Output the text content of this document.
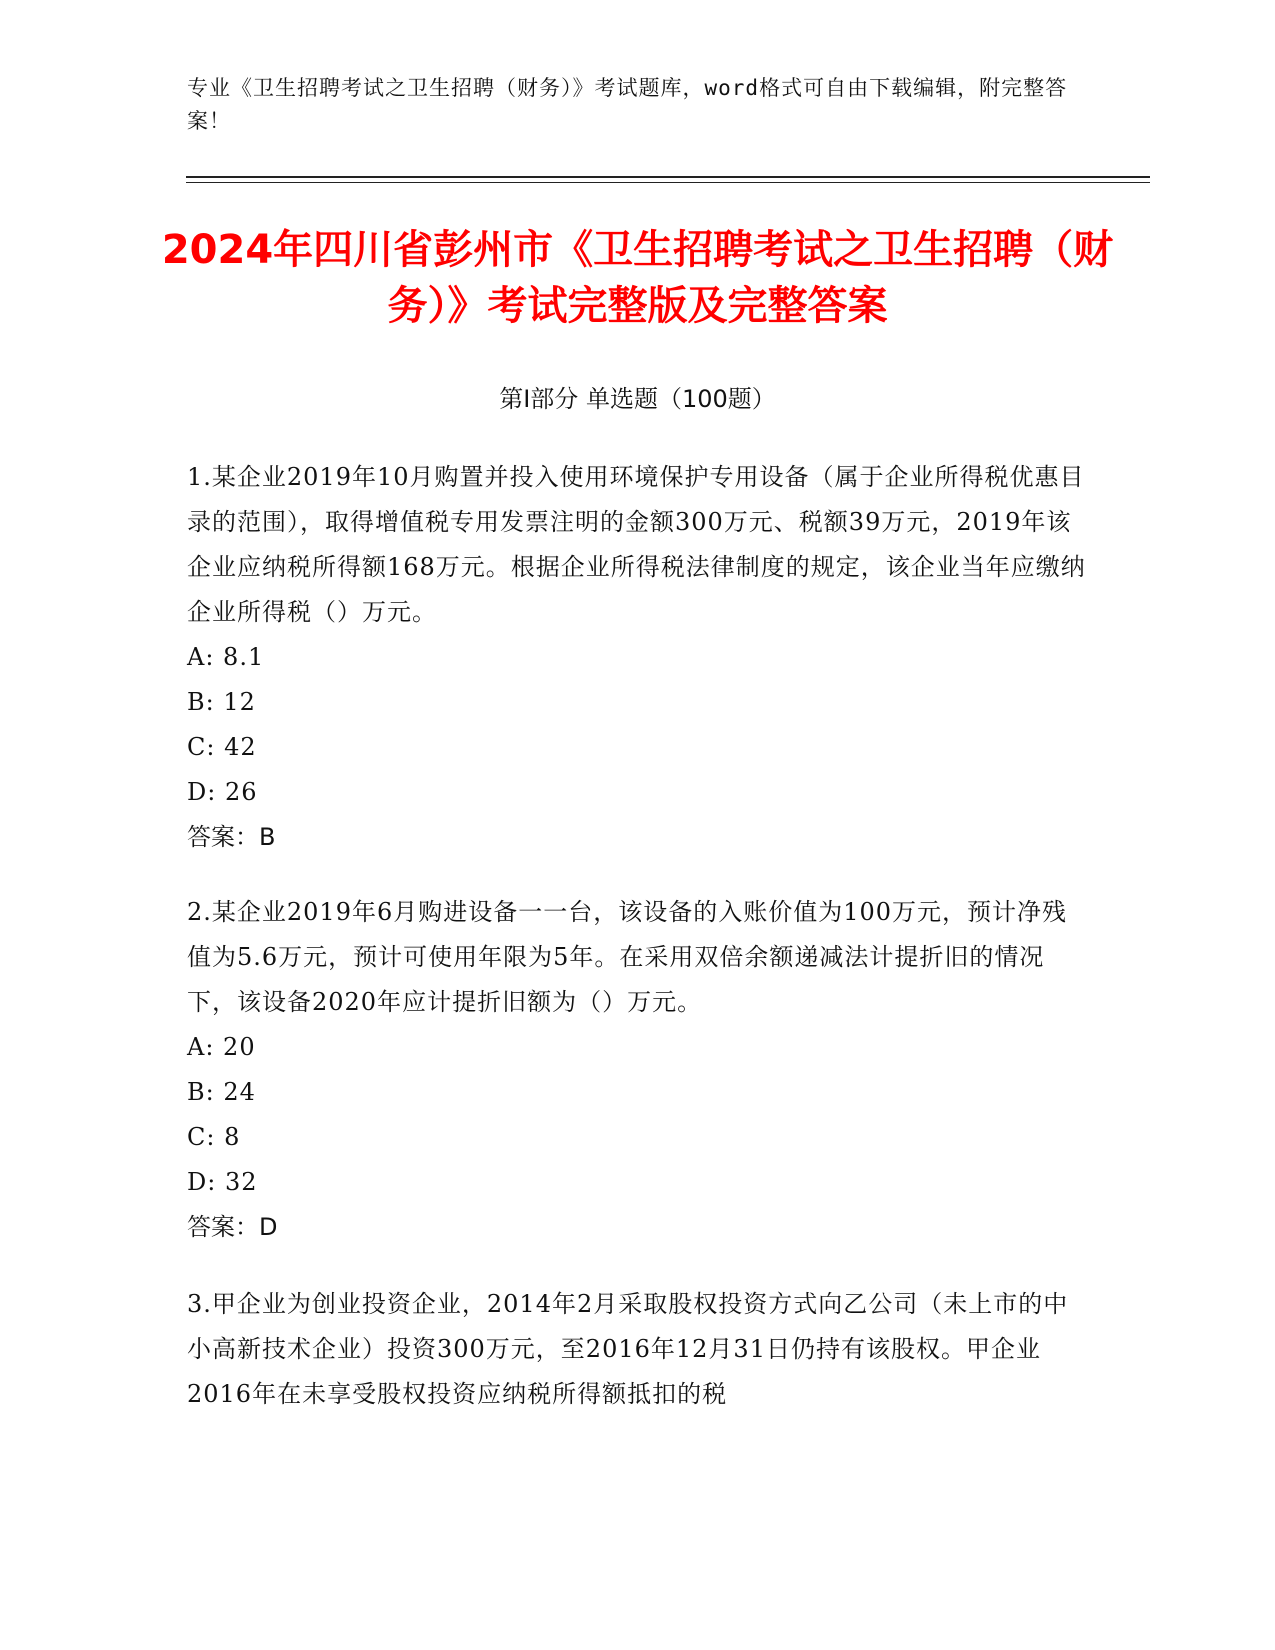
专业《卫生招聘考试之卫生招聘（财务）》考试题库，word格式可自由下载编辑，附完整答案！
2024年四川省彭州市《卫生招聘考试之卫生招聘（财务）》考试完整版及完整答案
第I部分 单选题（100题）

1.某企业2019年10月购置并投入使用环境保护专用设备（属于企业所得税优惠目录的范围），取得增值税专用发票注明的金额300万元、税额39万元，2019年该企业应纳税所得额168万元。根据企业所得税法律制度的规定，该企业当年应缴纳企业所得税（）万元。

A: 8.1

B: 12

C: 42

D: 26

答案：B

2.某企业2019年6月购进设备一一台，该设备的入账价值为100万元，预计净残值为5.6万元，预计可使用年限为5年。在采用双倍余额递减法计提折旧的情况下，该设备2020年应计提折旧额为（）万元。

A: 20

B: 24

C: 8

D: 32

答案：D

3.甲企业为创业投资企业，2014年2月采取股权投资方式向乙公司（未上市的中小高新技术企业）投资300万元，至2016年12月31日仍持有该股权。甲企业2016年在未享受股权投资应纳税所得额抵扣的税
